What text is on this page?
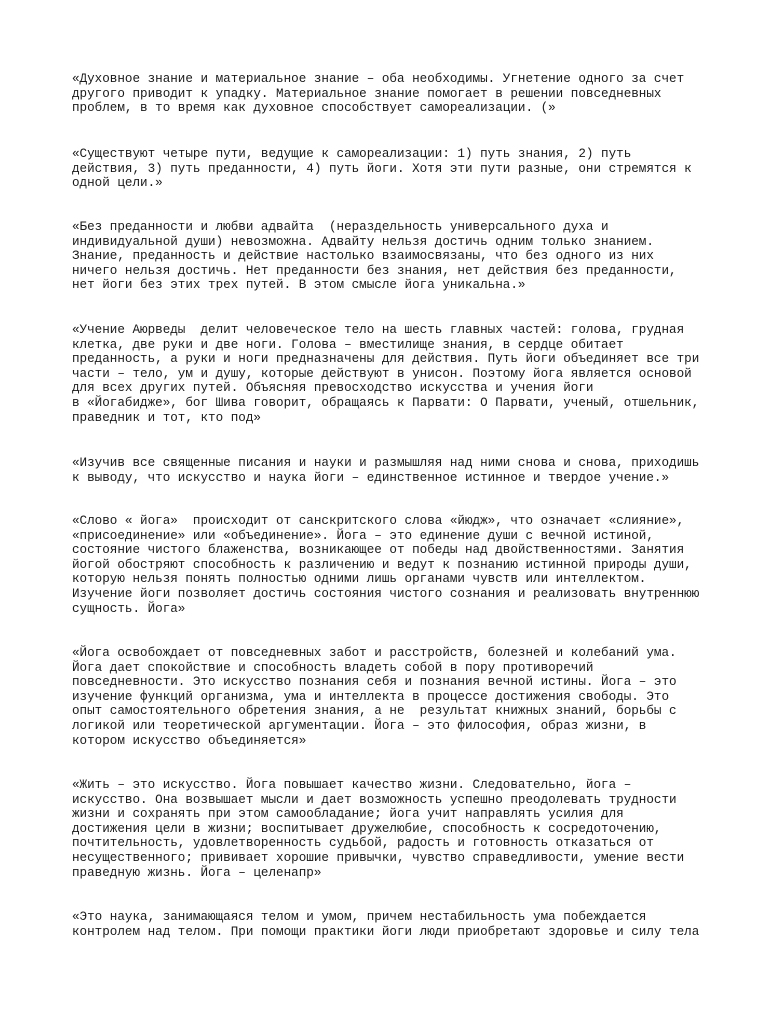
«Духовное знание и материальное знание – оба необходимы. Угнетение одного за счет
другого приводит к упадку. Материальное знание помогает в решении повседневных
проблем, в то время как духовное способствует самореализации. (»
«Существуют четыре пути, ведущие к самореализации: 1) путь знания, 2) путь
действия, 3) путь преданности, 4) путь йоги. Хотя эти пути разные, они стремятся к
одной цели.»
«Без преданности и любви адвайта  (нераздельность универсального духа и
индивидуальной души) невозможна. Адвайту нельзя достичь одним только знанием.
Знание, преданность и действие настолько взаимосвязаны, что без одного из них
ничего нельзя достичь. Нет преданности без знания, нет действия без преданности,
нет йоги без этих трех путей. В этом смысле йога уникальна.»
«Учение Аюрведы  делит человеческое тело на шесть главных частей: голова, грудная
клетка, две руки и две ноги. Голова – вместилище знания, в сердце обитает
преданность, а руки и ноги предназначены для действия. Путь йоги объединяет все три
части – тело, ум и душу, которые действуют в унисон. Поэтому йога является основой
для всех других путей. Объясняя превосходство искусства и учения йоги
в «Йогабидже», бог Шива говорит, обращаясь к Парвати: О Парвати, ученый, отшельник,
праведник и тот, кто под»
«Изучив все священные писания и науки и размышляя над ними снова и снова, приходишь
к выводу, что искусство и наука йоги – единственное истинное и твердое учение.»
«Слово « йога»  происходит от санскритского слова «йюдж», что означает «слияние»,
«присоединение» или «объединение». Йога – это единение души с вечной истиной,
состояние чистого блаженства, возникающее от победы над двойственностями. Занятия
йогой обостряют способность к различению и ведут к познанию истинной природы души,
которую нельзя понять полностью одними лишь органами чувств или интеллектом.
Изучение йоги позволяет достичь состояния чистого сознания и реализовать внутреннюю
сущность. Йога»
«Йога освобождает от повседневных забот и расстройств, болезней и колебаний ума.
Йога дает спокойствие и способность владеть собой в пору противоречий
повседневности. Это искусство познания себя и познания вечной истины. Йога – это
изучение функций организма, ума и интеллекта в процессе достижения свободы. Это
опыт самостоятельного обретения знания, а не  результат книжных знаний, борьбы с
логикой или теоретической аргументации. Йога – это философия, образ жизни, в
котором искусство объединяется»
«Жить – это искусство. Йога повышает качество жизни. Следовательно, йога –
искусство. Она возвышает мысли и дает возможность успешно преодолевать трудности
жизни и сохранять при этом самообладание; йога учит направлять усилия для
достижения цели в жизни; воспитывает дружелюбие, способность к сосредоточению,
почтительность, удовлетворенность судьбой, радость и готовность отказаться от
несущественного; прививает хорошие привычки, чувство справедливости, умение вести
праведную жизнь. Йога – целенапр»
«Это наука, занимающаяся телом и умом, причем нестабильность ума побеждается
контролем над телом. При помощи практики йоги люди приобретают здоровье и силу тела
